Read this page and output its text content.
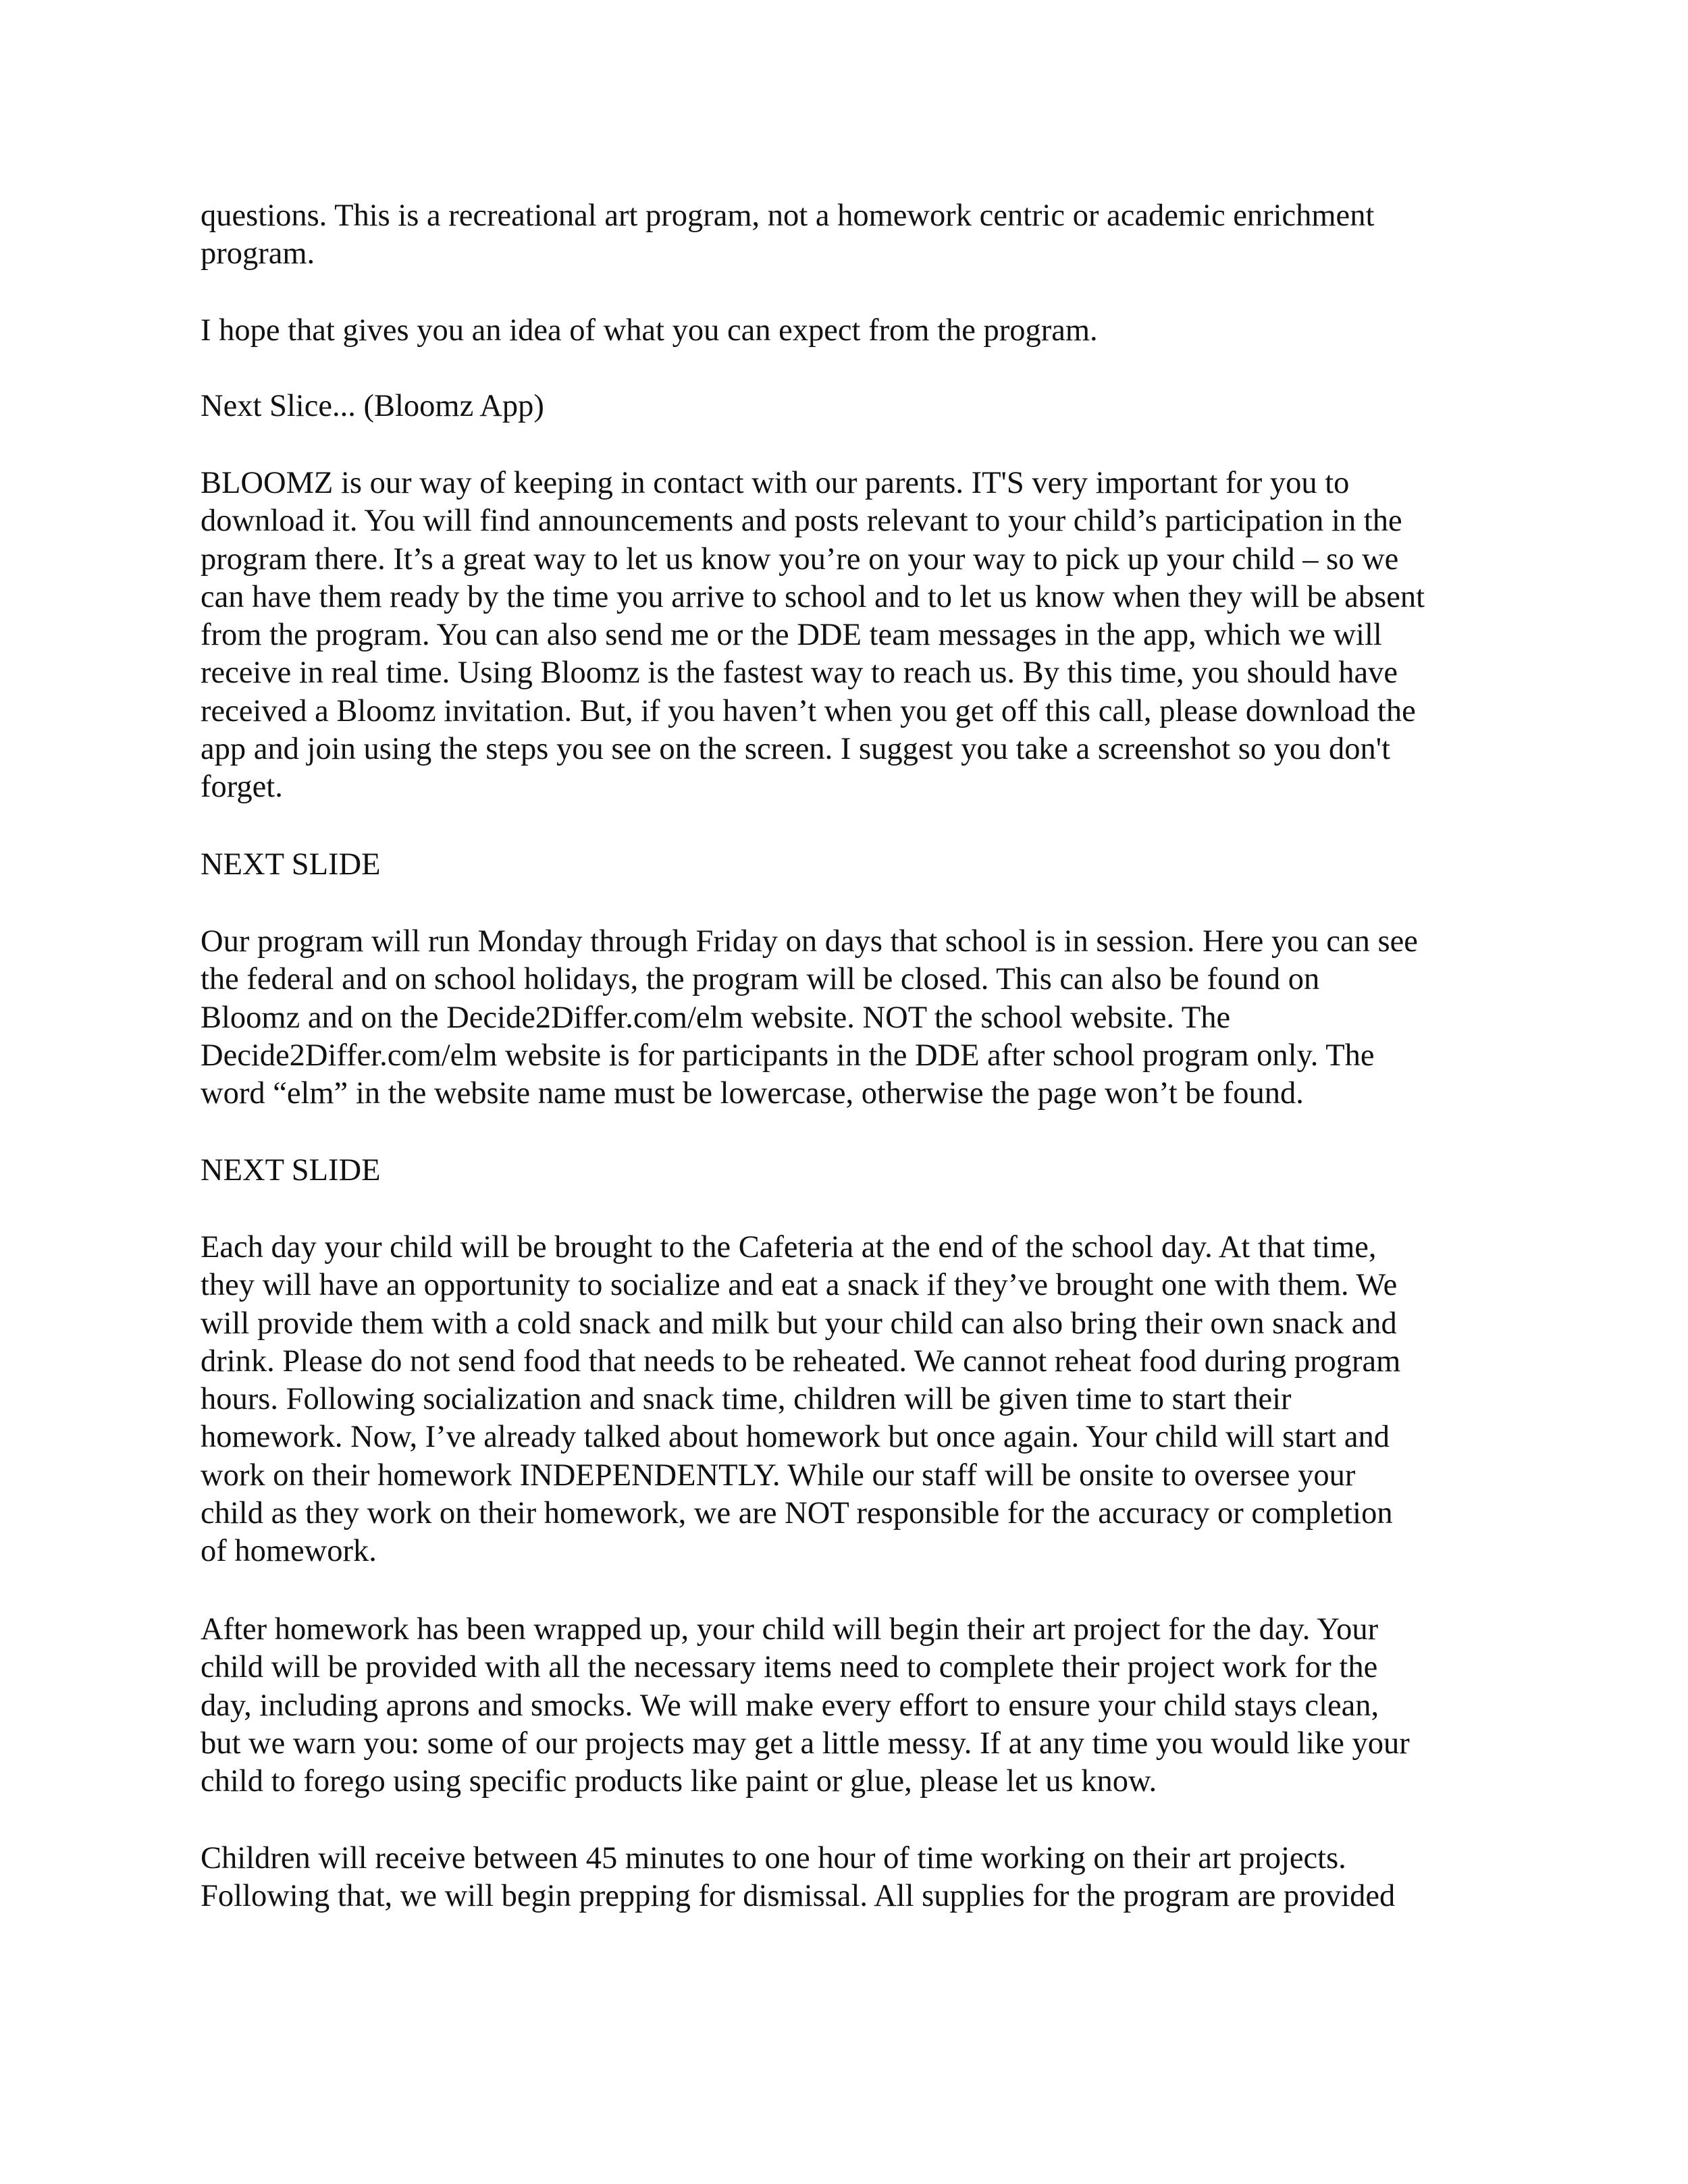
questions. This is a recreational art program, not a homework centric or academic enrichment
program.
I hope that gives you an idea of what you can expect from the program.
Next Slice... (Bloomz App)
BLOOMZ is our way of keeping in contact with our parents. IT'S very important for you to
download it. You will find announcements and posts relevant to your child’s participation in the
program there. It’s a great way to let us know you’re on your way to pick up your child – so we
can have them ready by the time you arrive to school and to let us know when they will be absent
from the program. You can also send me or the DDE team messages in the app, which we will
receive in real time. Using Bloomz is the fastest way to reach us. By this time, you should have
received a Bloomz invitation. But, if you haven’t when you get off this call, please download the
app and join using the steps you see on the screen. I suggest you take a screenshot so you don't
forget.
NEXT SLIDE
Our program will run Monday through Friday on days that school is in session. Here you can see
the federal and on school holidays, the program will be closed. This can also be found on
Bloomz and on the Decide2Differ.com/elm website. NOT the school website. The
Decide2Differ.com/elm website is for participants in the DDE after school program only. The
word “elm” in the website name must be lowercase, otherwise the page won’t be found.
NEXT SLIDE
Each day your child will be brought to the Cafeteria at the end of the school day. At that time,
they will have an opportunity to socialize and eat a snack if they’ve brought one with them. We
will provide them with a cold snack and milk but your child can also bring their own snack and
drink. Please do not send food that needs to be reheated. We cannot reheat food during program
hours. Following socialization and snack time, children will be given time to start their
homework. Now, I’ve already talked about homework but once again. Your child will start and
work on their homework INDEPENDENTLY. While our staff will be onsite to oversee your
child as they work on their homework, we are NOT responsible for the accuracy or completion
of homework.
After homework has been wrapped up, your child will begin their art project for the day. Your
child will be provided with all the necessary items need to complete their project work for the
day, including aprons and smocks. We will make every effort to ensure your child stays clean,
but we warn you: some of our projects may get a little messy. If at any time you would like your
child to forego using specific products like paint or glue, please let us know.
Children will receive between 45 minutes to one hour of time working on their art projects.
Following that, we will begin prepping for dismissal. All supplies for the program are provided
